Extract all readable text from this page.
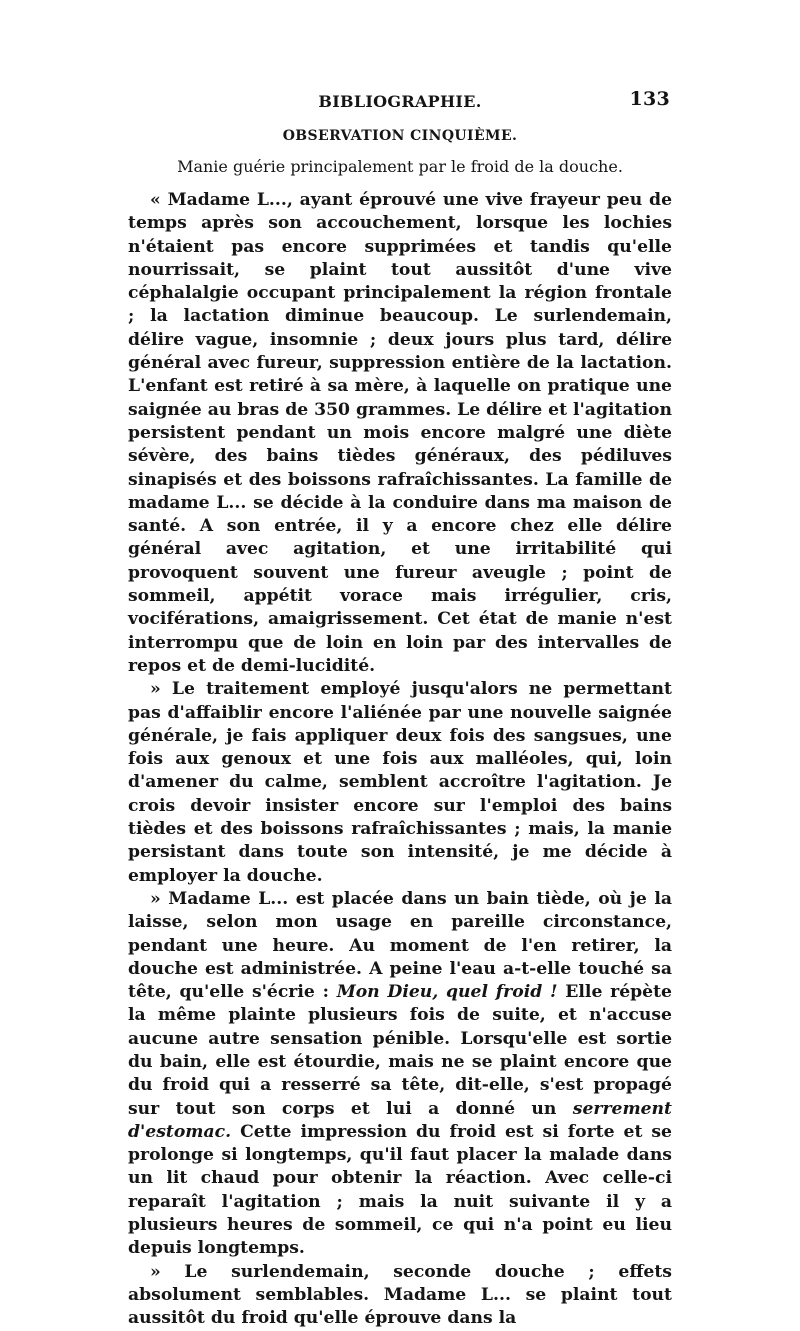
BIBLIOGRAPHIE.	133
OBSERVATION CINQUIÈME.
Manie guérie principalement par le froid de la douche.

« Madame L..., ayant éprouvé une vive frayeur peu de temps après son accouchement, lorsque les lochies n'étaient pas encore supprimées et tandis qu'elle nourrissait, se plaint tout aussitôt d'une vive céphalalgie occupant principalement la région frontale ; la lactation diminue beaucoup. Le surlendemain, délire vague, insomnie ; deux jours plus tard, délire général avec fureur, suppression entière de la lactation. L'enfant est retiré à sa mère, à laquelle on pratique une saignée au bras de 350 grammes. Le délire et l'agitation persistent pendant un mois encore malgré une diète sévère, des bains tièdes généraux, des pédiluves sinapisés et des boissons rafraîchissantes. La famille de madame L... se décide à la conduire dans ma maison de santé. A son entrée, il y a encore chez elle délire général avec agitation, et une irritabilité qui provoquent souvent une fureur aveugle ; point de sommeil, appétit vorace mais irrégulier, cris, vociférations, amaigrissement. Cet état de manie n'est interrompu que de loin en loin par des intervalles de repos et de demi-lucidité.

» Le traitement employé jusqu'alors ne permettant pas d'affaiblir encore l'aliénée par une nouvelle saignée générale, je fais appliquer deux fois des sangsues, une fois aux genoux et une fois aux malléoles, qui, loin d'amener du calme, semblent accroître l'agitation. Je crois devoir insister encore sur l'emploi des bains tièdes et des boissons rafraîchissantes ; mais, la manie persistant dans toute son intensité, je me décide à employer la douche.

» Madame L... est placée dans un bain tiède, où je la laisse, selon mon usage en pareille circonstance, pendant une heure. Au moment de l'en retirer, la douche est administrée. A peine l'eau a-t-elle touché sa tête, qu'elle s'écrie : Mon Dieu, quel froid ! Elle répète la même plainte plusieurs fois de suite, et n'accuse aucune autre sensation pénible. Lorsqu'elle est sortie du bain, elle est étourdie, mais ne se plaint encore que du froid qui a resserré sa tête, dit-elle, s'est propagé sur tout son corps et lui a donné un serrement d'estomac. Cette impression du froid est si forte et se prolonge si longtemps, qu'il faut placer la malade dans un lit chaud pour obtenir la réaction. Avec celle-ci reparaît l'agitation ; mais la nuit suivante il y a plusieurs heures de sommeil, ce qui n'a point eu lieu depuis longtemps.

» Le surlendemain, seconde douche ; effets absolument semblables. Madame L... se plaint tout aussitôt du froid qu'elle éprouve dans la
